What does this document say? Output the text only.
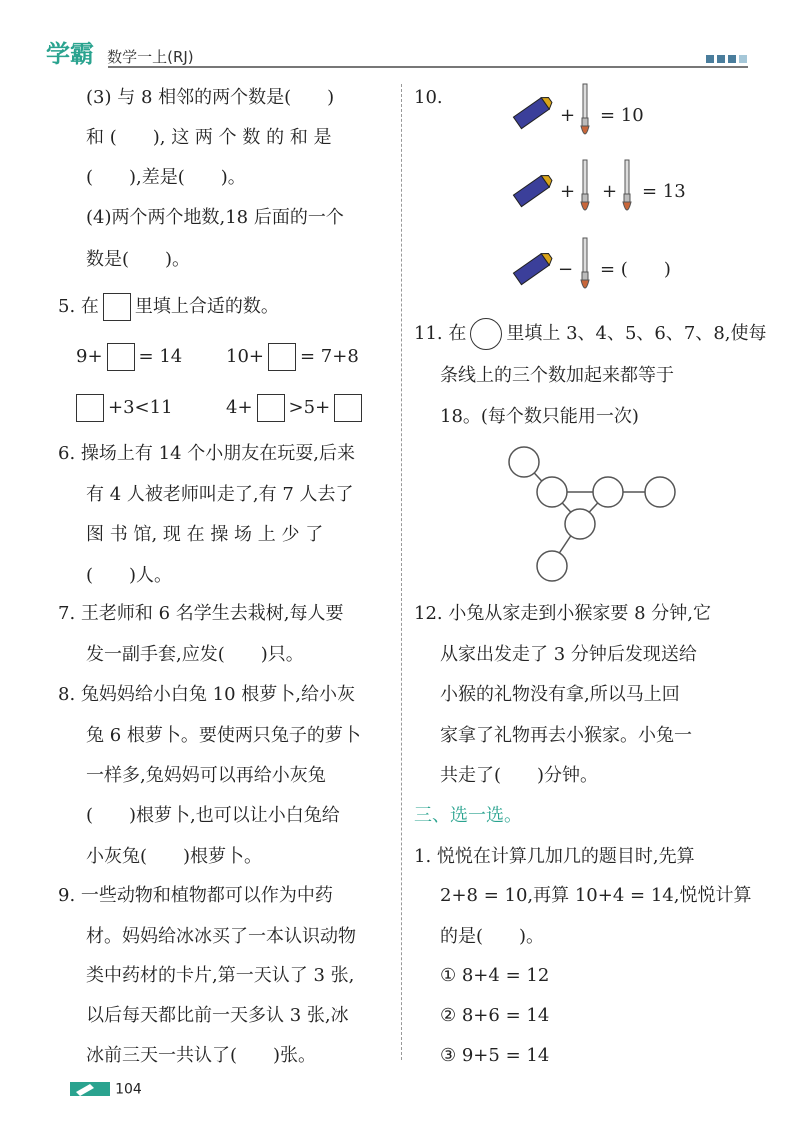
学霸 数学一上(RJ)
(3) 与 8 相邻的两个数是(　　)
和 (　　), 这 两 个 数 的 和 是
(　　),差是(　　)。
(4)两个两个地数,18 后面的一个
数是(　　)。
5. 在 里填上合适的数。
9+ = 14 10+ = 7+8
+3<11	4+ >5+
6. 操场上有 14 个小朋友在玩耍,后来
有 4 人被老师叫走了,有 7 人去了
图 书 馆, 现 在 操 场 上 少 了
(　　)人。
7. 王老师和 6 名学生去栽树,每人要
发一副手套,应发(　　)只。
8. 兔妈妈给小白兔 10 根萝卜,给小灰
兔 6 根萝卜。要使两只兔子的萝卜
一样多,兔妈妈可以再给小灰兔
(　　)根萝卜,也可以让小白兔给
小灰兔(　　)根萝卜。
9. 一些动物和植物都可以作为中药
材。妈妈给冰冰买了一本认识动物
类中药材的卡片,第一天认了 3 张,
以后每天都比前一天多认 3 张,冰
冰前三天一共认了(　　)张。
10.
+ = 10
+ + = 13
− = (　　)
11. 在 里填上 3、4、5、6、7、8,使每
条线上的三个数加起来都等于
18。(每个数只能用一次)
12. 小兔从家走到小猴家要 8 分钟,它
从家出发走了 3 分钟后发现送给
小猴的礼物没有拿,所以马上回
家拿了礼物再去小猴家。小兔一
共走了(　　)分钟。
三、选一选。
1. 悦悦在计算几加几的题目时,先算
2+8 = 10,再算 10+4 = 14,悦悦计算
的是(　　)。
① 8+4 = 12
② 8+6 = 14
③ 9+5 = 14
104
